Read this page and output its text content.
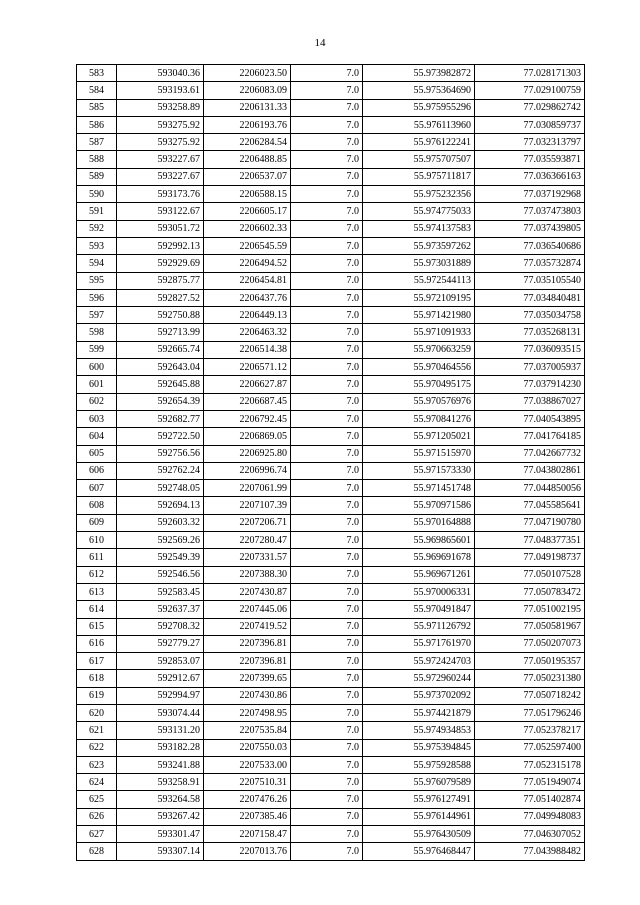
14
583	593040.36	2206023.50	7.0	55.973982872	77.028171303
584	593193.61	2206083.09	7.0	55.975364690	77.029100759
585	593258.89	2206131.33	7.0	55.975955296	77.029862742
586	593275.92	2206193.76	7.0	55.976113960	77.030859737
587	593275.92	2206284.54	7.0	55.976122241	77.032313797
588	593227.67	2206488.85	7.0	55.975707507	77.035593871
589	593227.67	2206537.07	7.0	55.975711817	77.036366163
590	593173.76	2206588.15	7.0	55.975232356	77.037192968
591	593122.67	2206605.17	7.0	55.974775033	77.037473803
592	593051.72	2206602.33	7.0	55.974137583	77.037439805
593	592992.13	2206545.59	7.0	55.973597262	77.036540686
594	592929.69	2206494.52	7.0	55.973031889	77.035732874
595	592875.77	2206454.81	7.0	55.972544113	77.035105540
596	592827.52	2206437.76	7.0	55.972109195	77.034840481
597	592750.88	2206449.13	7.0	55.971421980	77.035034758
598	592713.99	2206463.32	7.0	55.971091933	77.035268131
599	592665.74	2206514.38	7.0	55.970663259	77.036093515
600	592643.04	2206571.12	7.0	55.970464556	77.037005937
601	592645.88	2206627.87	7.0	55.970495175	77.037914230
602	592654.39	2206687.45	7.0	55.970576976	77.038867027
603	592682.77	2206792.45	7.0	55.970841276	77.040543895
604	592722.50	2206869.05	7.0	55.971205021	77.041764185
605	592756.56	2206925.80	7.0	55.971515970	77.042667732
606	592762.24	2206996.74	7.0	55.971573330	77.043802861
607	592748.05	2207061.99	7.0	55.971451748	77.044850056
608	592694.13	2207107.39	7.0	55.970971586	77.045585641
609	592603.32	2207206.71	7.0	55.970164888	77.047190780
610	592569.26	2207280.47	7.0	55.969865601	77.048377351
611	592549.39	2207331.57	7.0	55.969691678	77.049198737
612	592546.56	2207388.30	7.0	55.969671261	77.050107528
613	592583.45	2207430.87	7.0	55.970006331	77.050783472
614	592637.37	2207445.06	7.0	55.970491847	77.051002195
615	592708.32	2207419.52	7.0	55.971126792	77.050581967
616	592779.27	2207396.81	7.0	55.971761970	77.050207073
617	592853.07	2207396.81	7.0	55.972424703	77.050195357
618	592912.67	2207399.65	7.0	55.972960244	77.050231380
619	592994.97	2207430.86	7.0	55.973702092	77.050718242
620	593074.44	2207498.95	7.0	55.974421879	77.051796246
621	593131.20	2207535.84	7.0	55.974934853	77.052378217
622	593182.28	2207550.03	7.0	55.975394845	77.052597400
623	593241.88	2207533.00	7.0	55.975928588	77.052315178
624	593258.91	2207510.31	7.0	55.976079589	77.051949074
625	593264.58	2207476.26	7.0	55.976127491	77.051402874
626	593267.42	2207385.46	7.0	55.976144961	77.049948083
627	593301.47	2207158.47	7.0	55.976430509	77.046307052
628	593307.14	2207013.76	7.0	55.976468447	77.043988482
